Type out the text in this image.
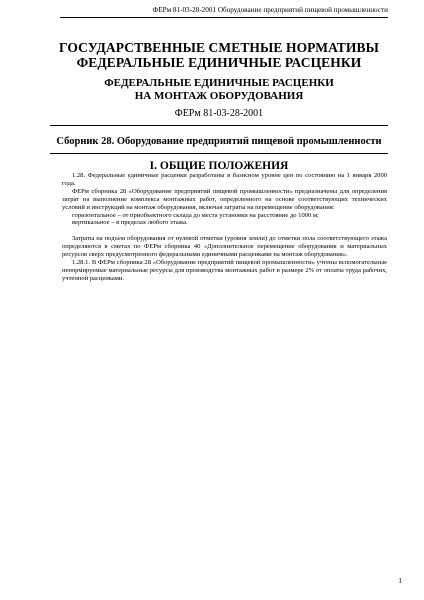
ФЕРм 81-03-28-2001 Оборудование предприятий пищевой промышленности
ГОСУДАРСТВЕННЫЕ СМЕТНЫЕ НОРМАТИВЫ
ФЕДЕРАЛЬНЫЕ ЕДИНИЧНЫЕ РАСЦЕНКИ
ФЕДЕРАЛЬНЫЕ ЕДИНИЧНЫЕ РАСЦЕНКИ
НА МОНТАЖ ОБОРУДОВАНИЯ
ФЕРм 81-03-28-2001
Сборник 28. Оборудование предприятий пищевой промышленности
I. ОБЩИЕ ПОЛОЖЕНИЯ

1.28. Федеральные единичные расценки разработаны в базисном уровне цен по состоянию на 1 января 2000 года.

ФЕРм сборника 28 «Оборудование предприятий пищевой промышленности» предназначены для определения затрат на выполнение комплекса монтажных работ, определенного на основе соответствующих технических условий и инструкций на монтаж оборудования, включая затраты на перемещение оборудования:

горизонтальное – от приобъектного склада до места установки на расстояние до 1000 м;

вертикальное – в пределах любого этажа.

Затраты на подъем оборудования от нулевой отметки (уровня земли) до отметки пола соответствующего этажа определяются в сметах по ФЕРм сборника 40 «Дополнительное перемещение оборудования и материальных ресурсов сверх предусмотренного федеральными единичными расценками на монтаж оборудования».

1.28.1. В ФЕРм сборника 28 «Оборудование предприятий пищевой промышленности» учтены вспомогательные ненормируемые материальные ресурсы для производства монтажных работ в размере 2% от оплаты труда рабочих, учтенной расценками.

1
